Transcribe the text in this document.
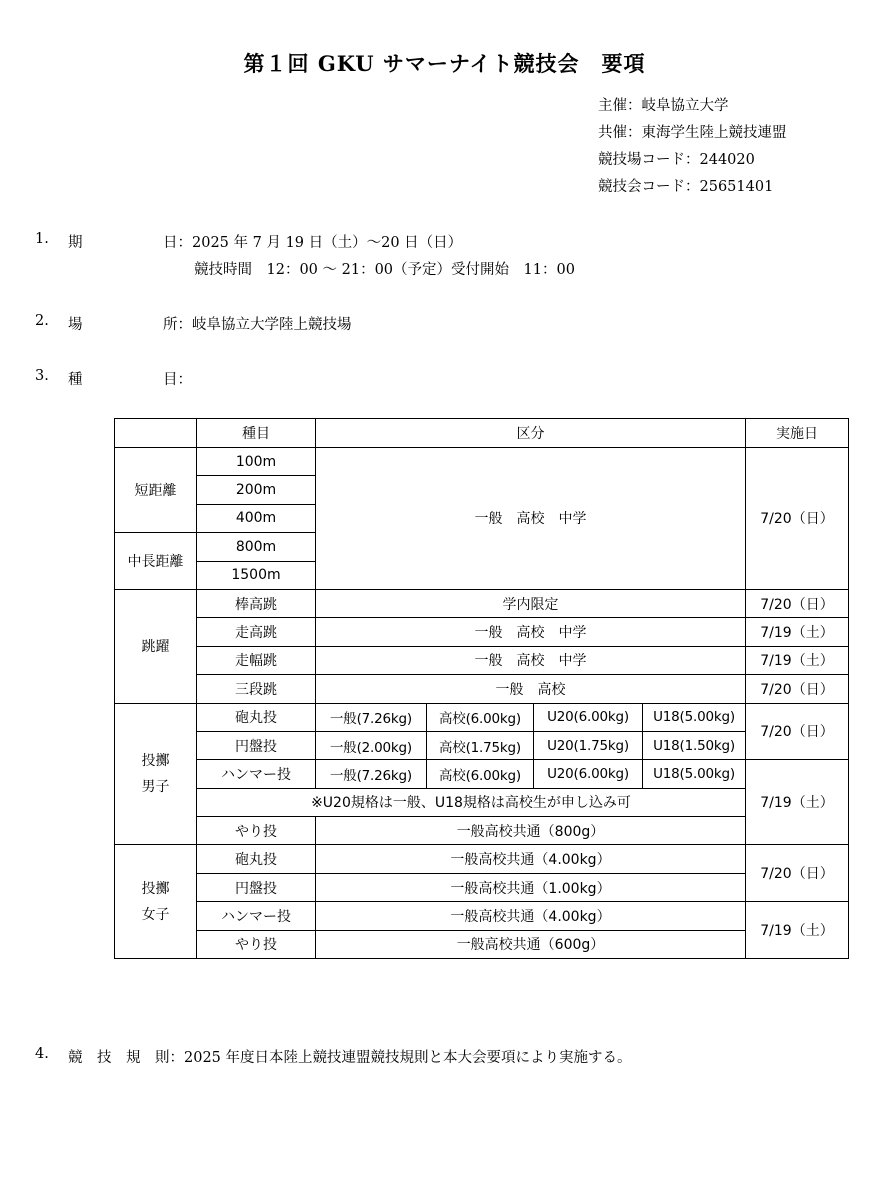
第１回 GKU サマーナイト競技会　要項
主催：岐阜協立大学
共催：東海学生陸上競技連盟
競技場コード：244020
競技会コード：25651401
1. 期	日：2025 年 7 月 19 日（土）～20 日（日）
競技時間　12：00 ～ 21：00（予定）受付開始　11：00
2. 場	所：岐阜協立大学陸上競技場
3. 種	目：
	種目	区分				実施日
短距離	100m	一般　高校　中学				7/20（日）
	200m					
	400m					
中長距離	800m					
	1500m					
跳躍	棒高跳	学内限定				7/20（日）
	走高跳	一般　高校　中学				7/19（土）
	走幅跳	一般　高校　中学				7/19（土）
	三段跳	一般　高校				7/20（日）

投擲
男子	砲丸投	一般(7.26kg)	高校(6.00kg)	U20(6.00kg)	U18(5.00kg)	7/20（日）
	円盤投	一般(2.00kg)	高校(1.75kg)	U20(1.75kg)	U18(1.50kg)	
	ハンマー投	一般(7.26kg)	高校(6.00kg)	U20(6.00kg)	U18(5.00kg)	7/19（土）
	※U20規格は一般、U18規格は高校生が申し込み可					
	やり投	一般高校共通（800g）				

投擲
女子	砲丸投	一般高校共通（4.00kg）				7/20（日）
	円盤投	一般高校共通（1.00kg）				
	ハンマー投	一般高校共通（4.00kg）				7/19（土）
	やり投	一般高校共通（600g）				
4. 競　技　規　則：2025 年度日本陸上競技連盟競技規則と本大会要項により実施する。
